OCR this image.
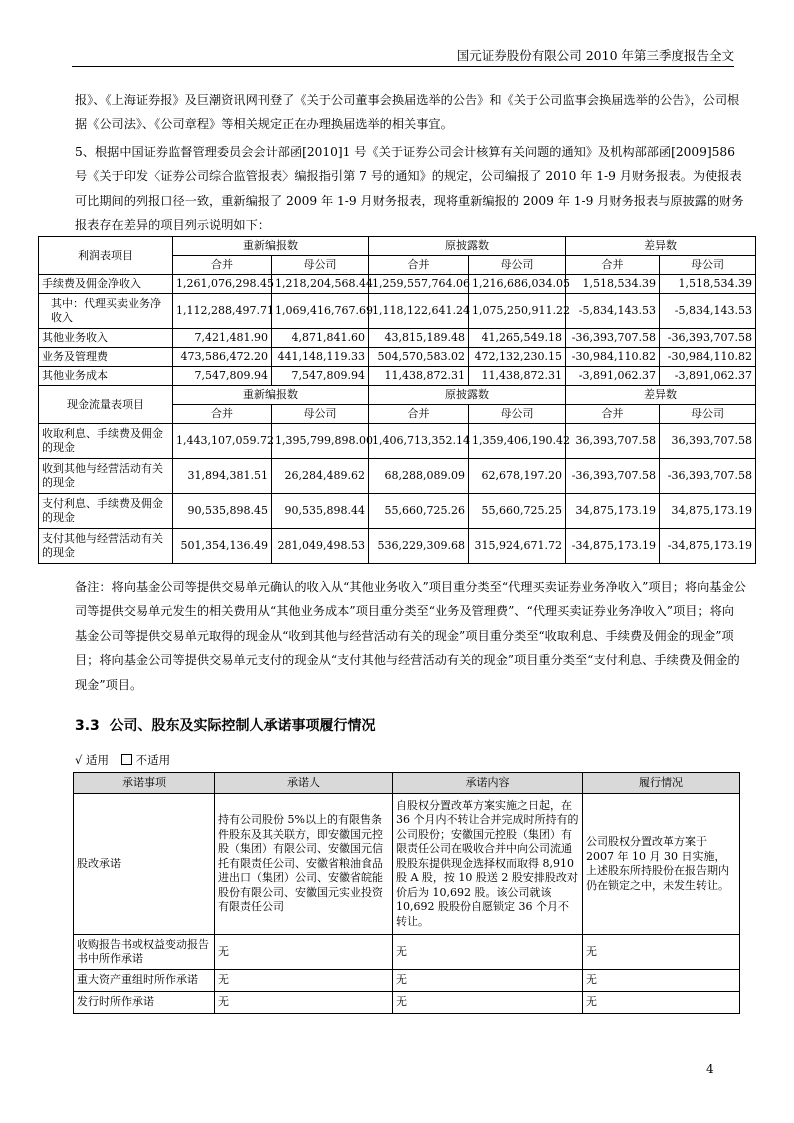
国元证券股份有限公司 2010 年第三季度报告全文

报》、《上海证券报》及巨潮资讯网刊登了《关于公司董事会换届选举的公告》和《关于公司监事会换届选举的公告》，公司根据《公司法》、《公司章程》等相关规定正在办理换届选举的相关事宜。

5、根据中国证券监督管理委员会会计部函[2010]1 号《关于证券公司会计核算有关问题的通知》及机构部部函[2009]586 号《关于印发〈证券公司综合监管报表〉编报指引第 7 号的通知》的规定，公司编报了 2010 年 1-9 月财务报表。为使报表可比期间的列报口径一致，重新编报了 2009 年 1-9 月财务报表，现将重新编报的 2009 年 1-9 月财务报表与原披露的财务报表存在差异的项目列示说明如下：

利润表项目	重新编报数		原披露数		差异数	
	合并	母公司	合并	母公司	合并	母公司
手续费及佣金净收入	1,261,076,298.45	1,218,204,568.44	1,259,557,764.06	1,216,686,034.05	1,518,534.39	1,518,534.39
其中：代理买卖业务净收入	1,112,288,497.71	1,069,416,767.69	1,118,122,641.24	1,075,250,911.22	-5,834,143.53	-5,834,143.53
其他业务收入	7,421,481.90	4,871,841.60	43,815,189.48	41,265,549.18	-36,393,707.58	-36,393,707.58
业务及管理费	473,586,472.20	441,148,119.33	504,570,583.02	472,132,230.15	-30,984,110.82	-30,984,110.82
其他业务成本	7,547,809.94	7,547,809.94	11,438,872.31	11,438,872.31	-3,891,062.37	-3,891,062.37
现金流量表项目	重新编报数		原披露数		差异数	
	合并	母公司	合并	母公司	合并	母公司
收取利息、手续费及佣金的现金	1,443,107,059.72	1,395,799,898.00	1,406,713,352.14	1,359,406,190.42	36,393,707.58	36,393,707.58
收到其他与经营活动有关的现金	31,894,381.51	26,284,489.62	68,288,089.09	62,678,197.20	-36,393,707.58	-36,393,707.58
支付利息、手续费及佣金的现金	90,535,898.45	90,535,898.44	55,660,725.26	55,660,725.25	34,875,173.19	34,875,173.19
支付其他与经营活动有关的现金	501,354,136.49	281,049,498.53	536,229,309.68	315,924,671.72	-34,875,173.19	-34,875,173.19

备注：将向基金公司等提供交易单元确认的收入从“其他业务收入”项目重分类至“代理买卖证券业务净收入”项目；将向基金公司等提供交易单元发生的相关费用从“其他业务成本”项目重分类至“业务及管理费”、“代理买卖证券业务净收入”项目；将向基金公司等提供交易单元取得的现金从“收到其他与经营活动有关的现金”项目重分类至“收取利息、手续费及佣金的现金”项目；将向基金公司等提供交易单元支付的现金从“支付其他与经营活动有关的现金”项目重分类至“支付利息、手续费及佣金的现金”项目。

3.3 公司、股东及实际控制人承诺事项履行情况
√ 适用 不适用
承诺事项	承诺人	承诺内容	履行情况
股改承诺	持有公司股份 5%以上的有限售条件股东及其关联方，即安徽国元控股（集团）有限公司、安徽国元信托有限责任公司、安徽省粮油食品进出口（集团）公司、安徽省皖能股份有限公司、安徽国元实业投资有限责任公司	自股权分置改革方案实施之日起，在 36 个月内不转让合并完成时所持有的公司股份；安徽国元控股（集团）有限责任公司在吸收合并中向公司流通股股东提供现金选择权而取得 8,910 股 A 股，按 10 股送 2 股安排股改对价后为 10,692 股。该公司就该 10,692 股股份自愿锁定 36 个月不转让。	公司股权分置改革方案于 2007 年 10 月 30 日实施，上述股东所持股份在报告期内仍在锁定之中，未发生转让。
收购报告书或权益变动报告书中所作承诺	无	无	无
重大资产重组时所作承诺	无	无	无
发行时所作承诺	无	无	无
4
